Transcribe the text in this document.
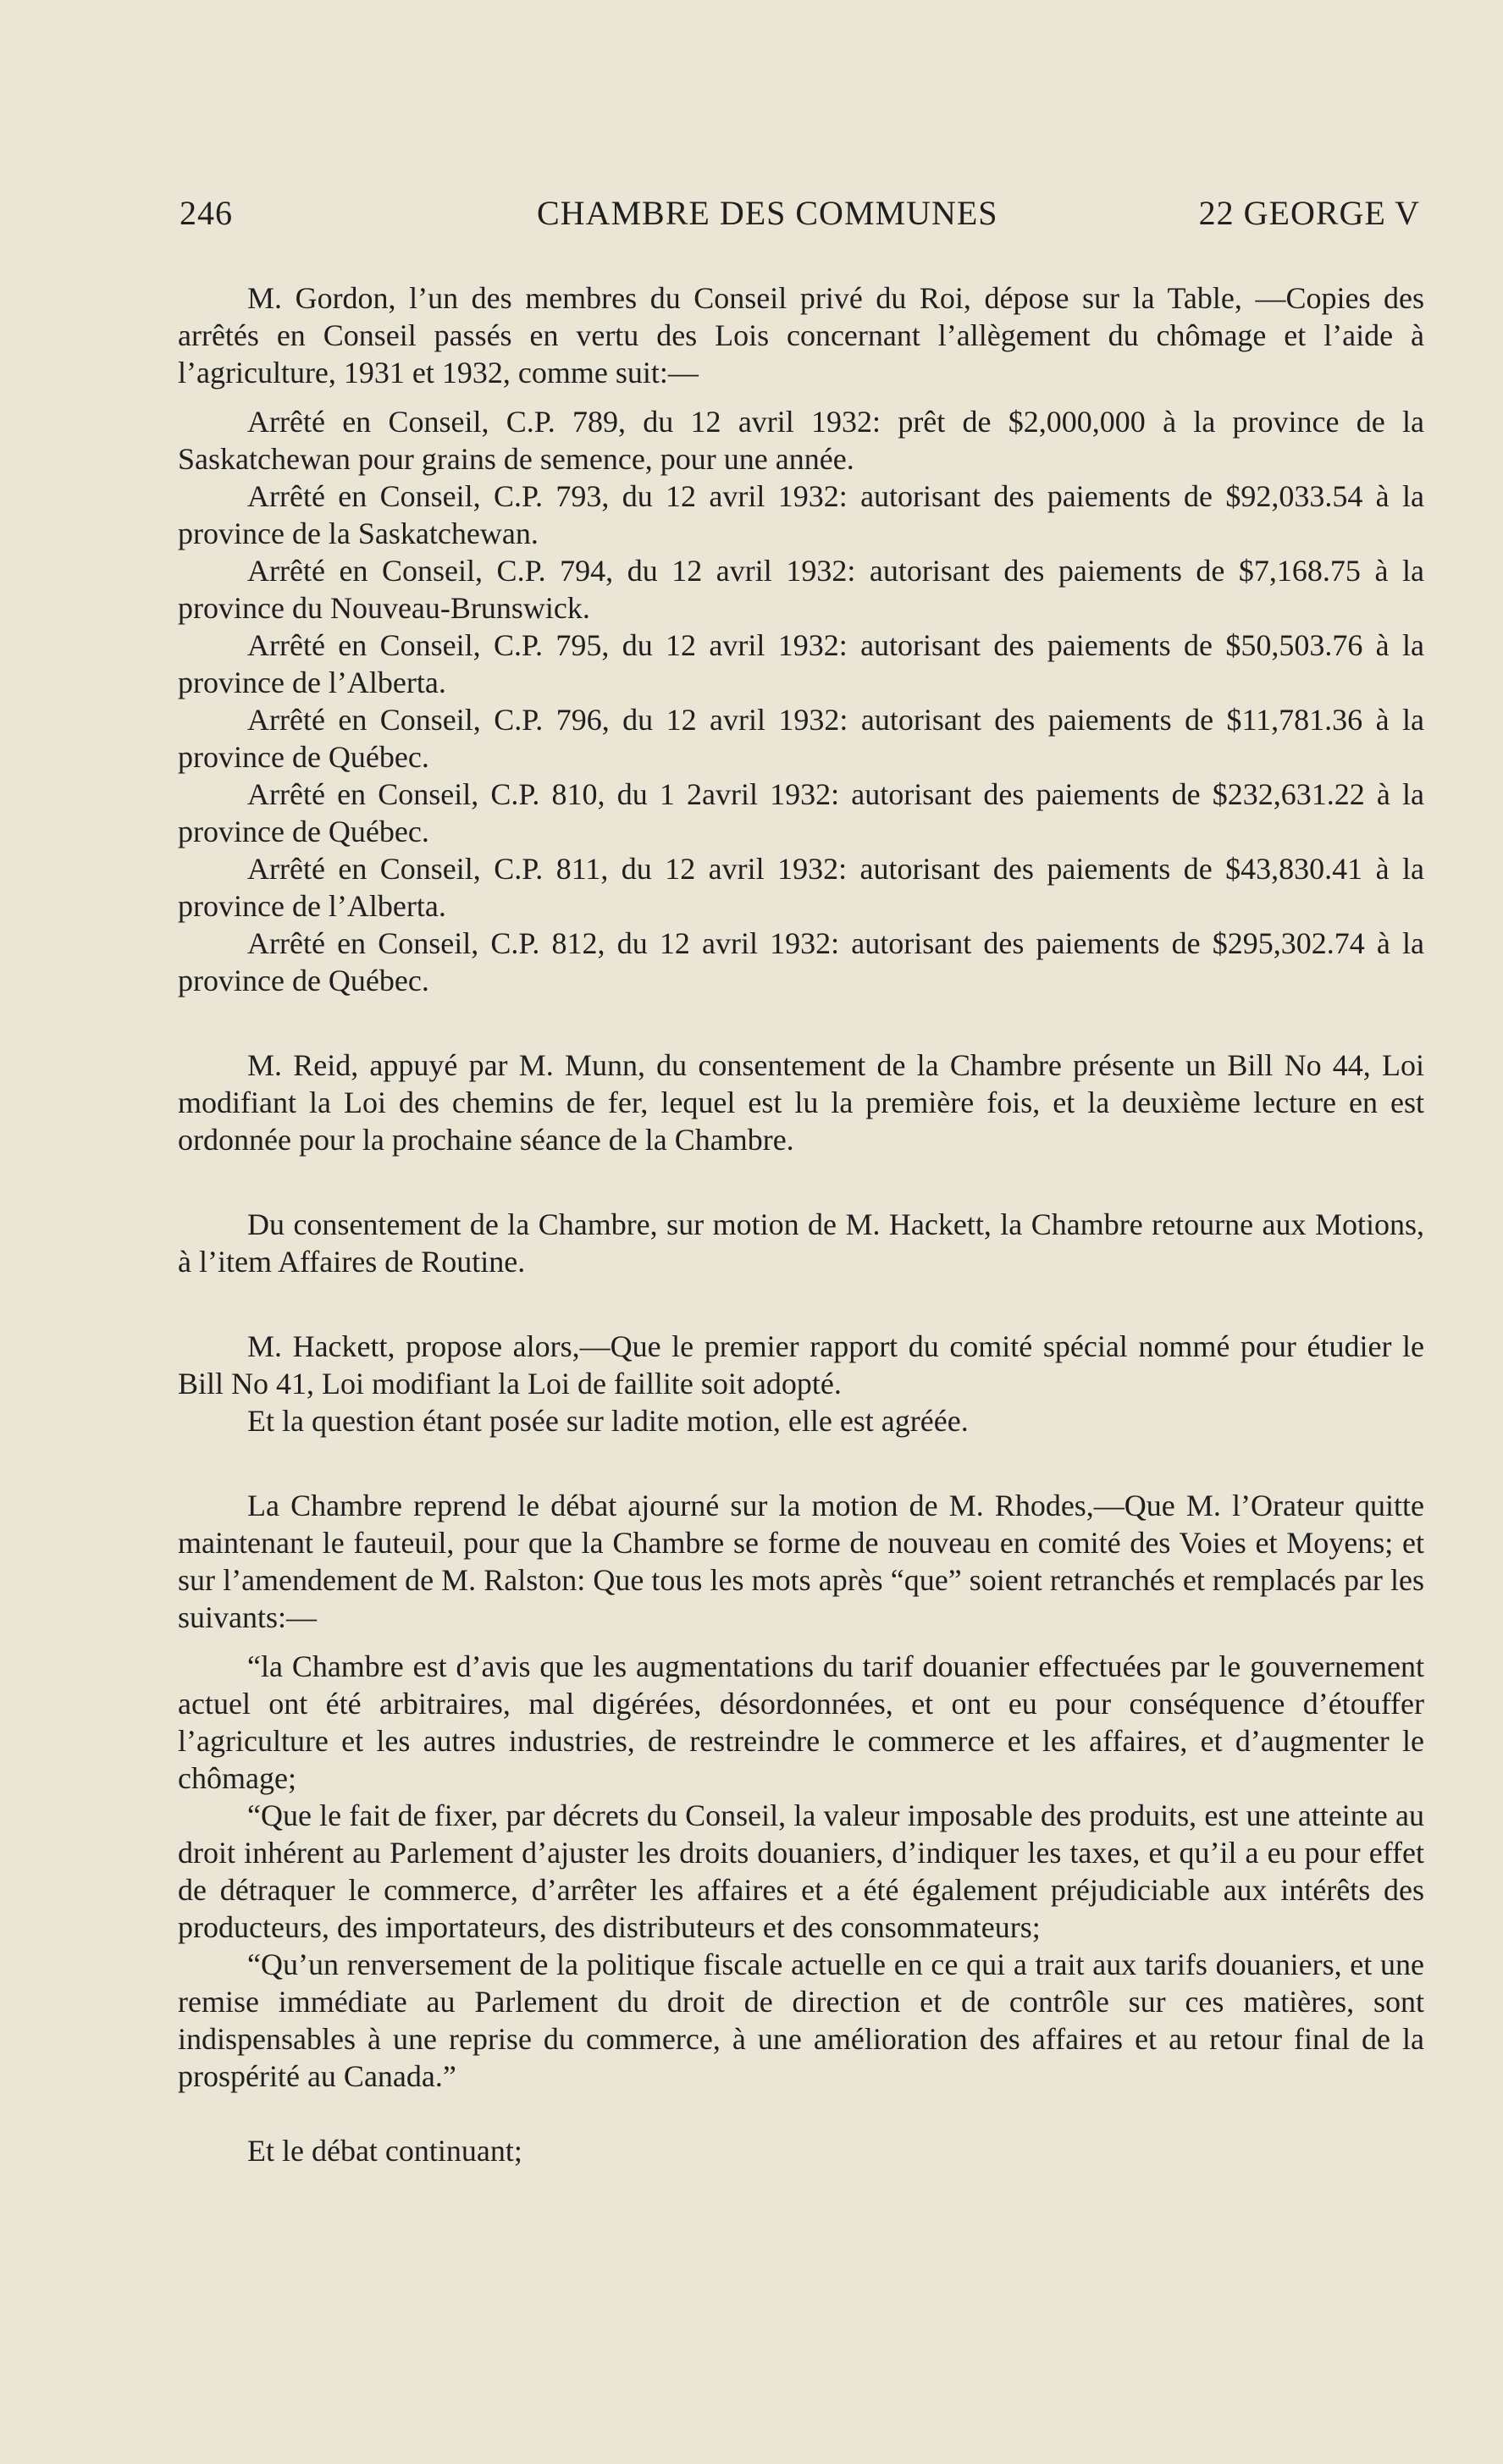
246	CHAMBRE DES COMMUNES	22 GEORGE V

M. Gordon, l’un des membres du Conseil privé du Roi, dépose sur la Table, —Copies des arrêtés en Conseil passés en vertu des Lois concernant l’allègement du chômage et l’aide à l’agriculture, 1931 et 1932, comme suit:—

Arrêté en Conseil, C.P. 789, du 12 avril 1932: prêt de $2,000,000 à la province de la Saskatchewan pour grains de semence, pour une année.

Arrêté en Conseil, C.P. 793, du 12 avril 1932: autorisant des paiements de $92,033.54 à la province de la Saskatchewan.

Arrêté en Conseil, C.P. 794, du 12 avril 1932: autorisant des paiements de $7,168.75 à la province du Nouveau-Brunswick.

Arrêté en Conseil, C.P. 795, du 12 avril 1932: autorisant des paiements de $50,503.76 à la province de l’Alberta.

Arrêté en Conseil, C.P. 796, du 12 avril 1932: autorisant des paiements de $11,781.36 à la province de Québec.

Arrêté en Conseil, C.P. 810, du 1 2avril 1932: autorisant des paiements de $232,631.22 à la province de Québec.

Arrêté en Conseil, C.P. 811, du 12 avril 1932: autorisant des paiements de $43,830.41 à la province de l’Alberta.

Arrêté en Conseil, C.P. 812, du 12 avril 1932: autorisant des paiements de $295,302.74 à la province de Québec.

M. Reid, appuyé par M. Munn, du consentement de la Chambre présente un Bill No 44, Loi modifiant la Loi des chemins de fer, lequel est lu la première fois, et la deuxième lecture en est ordonnée pour la prochaine séance de la Chambre.

Du consentement de la Chambre, sur motion de M. Hackett, la Chambre retourne aux Motions, à l’item Affaires de Routine.

M. Hackett, propose alors,—Que le premier rapport du comité spécial nommé pour étudier le Bill No 41, Loi modifiant la Loi de faillite soit adopté.

Et la question étant posée sur ladite motion, elle est agréée.

La Chambre reprend le débat ajourné sur la motion de M. Rhodes,—Que M. l’Orateur quitte maintenant le fauteuil, pour que la Chambre se forme de nouveau en comité des Voies et Moyens; et sur l’amendement de M. Ralston: Que tous les mots après “que” soient retranchés et remplacés par les suivants:—

“la Chambre est d’avis que les augmentations du tarif douanier effectuées par le gouvernement actuel ont été arbitraires, mal digérées, désordonnées, et ont eu pour conséquence d’étouffer l’agriculture et les autres industries, de restreindre le commerce et les affaires, et d’augmenter le chômage;

“Que le fait de fixer, par décrets du Conseil, la valeur imposable des produits, est une atteinte au droit inhérent au Parlement d’ajuster les droits douaniers, d’indiquer les taxes, et qu’il a eu pour effet de détraquer le commerce, d’arrêter les affaires et a été également préjudiciable aux intérêts des producteurs, des importateurs, des distributeurs et des consommateurs;

“Qu’un renversement de la politique fiscale actuelle en ce qui a trait aux tarifs douaniers, et une remise immédiate au Parlement du droit de direction et de contrôle sur ces matières, sont indispensables à une reprise du commerce, à une amélioration des affaires et au retour final de la prospérité au Canada.”

Et le débat continuant;
